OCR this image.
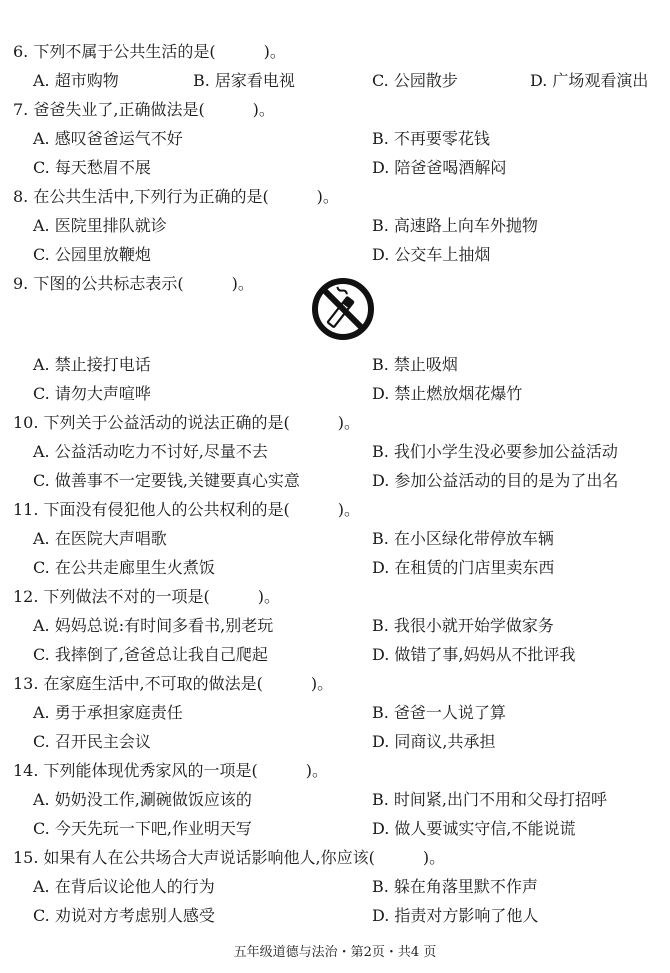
6. 下列不属于公共生活的是(　　　)。
A. 超市购物	B. 居家看电视	C. 公园散步	D. 广场观看演出
7. 爸爸失业了,正确做法是(　　　)。
A. 感叹爸爸运气不好	B. 不再要零花钱
C. 每天愁眉不展	D. 陪爸爸喝酒解闷
8. 在公共生活中,下列行为正确的是(　　　)。
A. 医院里排队就诊	B. 高速路上向车外抛物
C. 公园里放鞭炮	D. 公交车上抽烟
9. 下图的公共标志表示(　　　)。
A. 禁止接打电话	B. 禁止吸烟
C. 请勿大声喧哗	D. 禁止燃放烟花爆竹
10. 下列关于公益活动的说法正确的是(　　　)。
A. 公益活动吃力不讨好,尽量不去	B. 我们小学生没必要参加公益活动
C. 做善事不一定要钱,关键要真心实意	D. 参加公益活动的目的是为了出名
11. 下面没有侵犯他人的公共权利的是(　　　)。
A. 在医院大声唱歌	B. 在小区绿化带停放车辆
C. 在公共走廊里生火煮饭	D. 在租赁的门店里卖东西
12. 下列做法不对的一项是(　　　)。
A. 妈妈总说:有时间多看书,别老玩	B. 我很小就开始学做家务
C. 我摔倒了,爸爸总让我自己爬起	D. 做错了事,妈妈从不批评我
13. 在家庭生活中,不可取的做法是(　　　)。
A. 勇于承担家庭责任	B. 爸爸一人说了算
C. 召开民主会议	D. 同商议,共承担
14. 下列能体现优秀家风的一项是(　　　)。
A. 奶奶没工作,涮碗做饭应该的	B. 时间紧,出门不用和父母打招呼
C. 今天先玩一下吧,作业明天写	D. 做人要诚实守信,不能说谎
15. 如果有人在公共场合大声说话影响他人,你应该(　　　)。
A. 在背后议论他人的行为	B. 躲在角落里默不作声
C. 劝说对方考虑别人感受	D. 指责对方影响了他人
五年级道德与法治・第2页・共4 页
